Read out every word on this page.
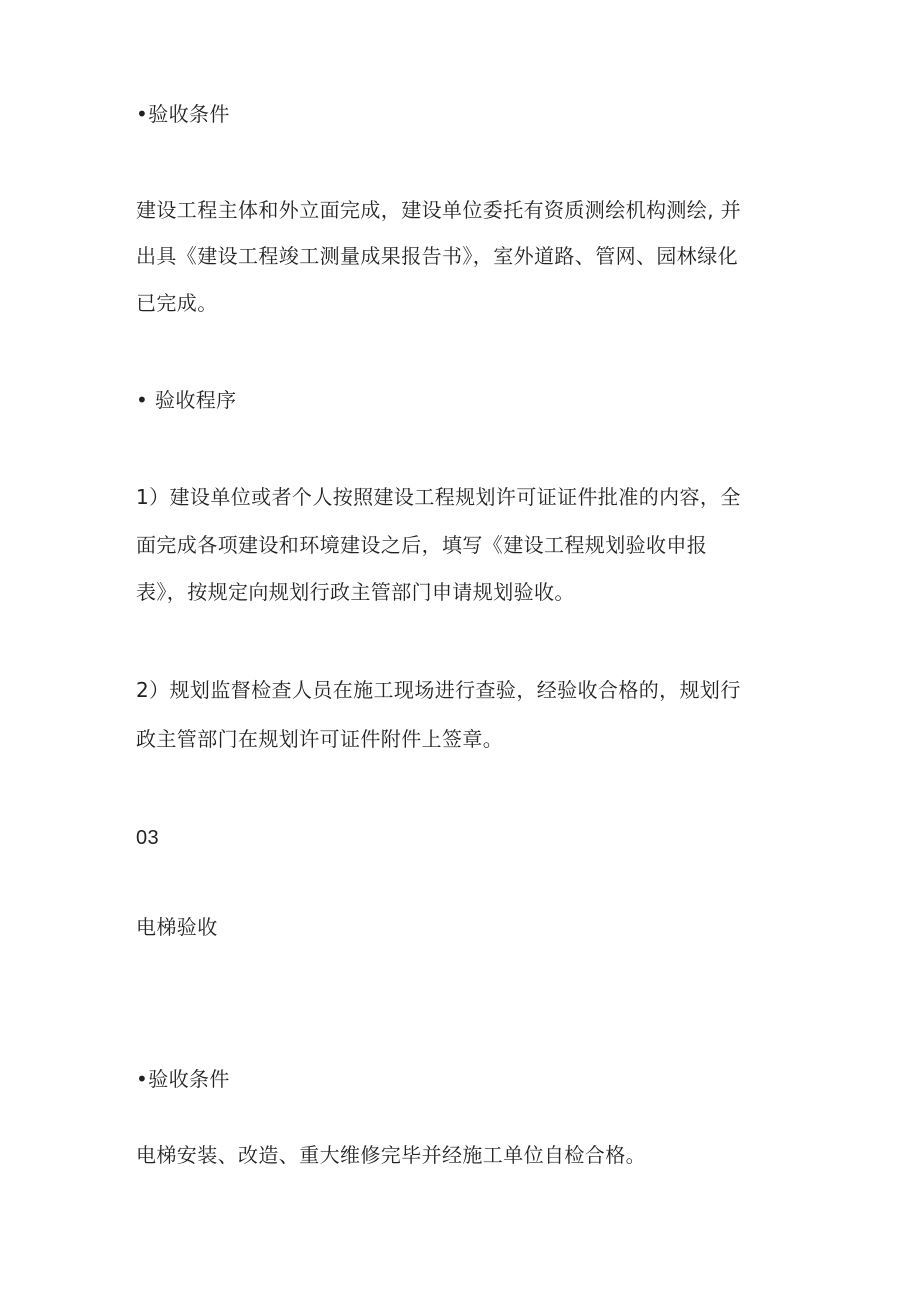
•验收条件
建设工程主体和外立面完成，建设单位委托有资质测绘机构测绘, 并
出具《建设工程竣工测量成果报告书》，室外道路、管网、园林绿化
已完成。
• 验收程序
1）建设单位或者个人按照建设工程规划许可证证件批准的内容，全
面完成各项建设和环境建设之后，填写《建设工程规划验收申报
表》，按规定向规划行政主管部门申请规划验收。
2）规划监督检查人员在施工现场进行查验，经验收合格的，规划行
政主管部门在规划许可证件附件上签章。
03
电梯验收
•验收条件
电梯安装、改造、重大维修完毕并经施工单位自检合格。
